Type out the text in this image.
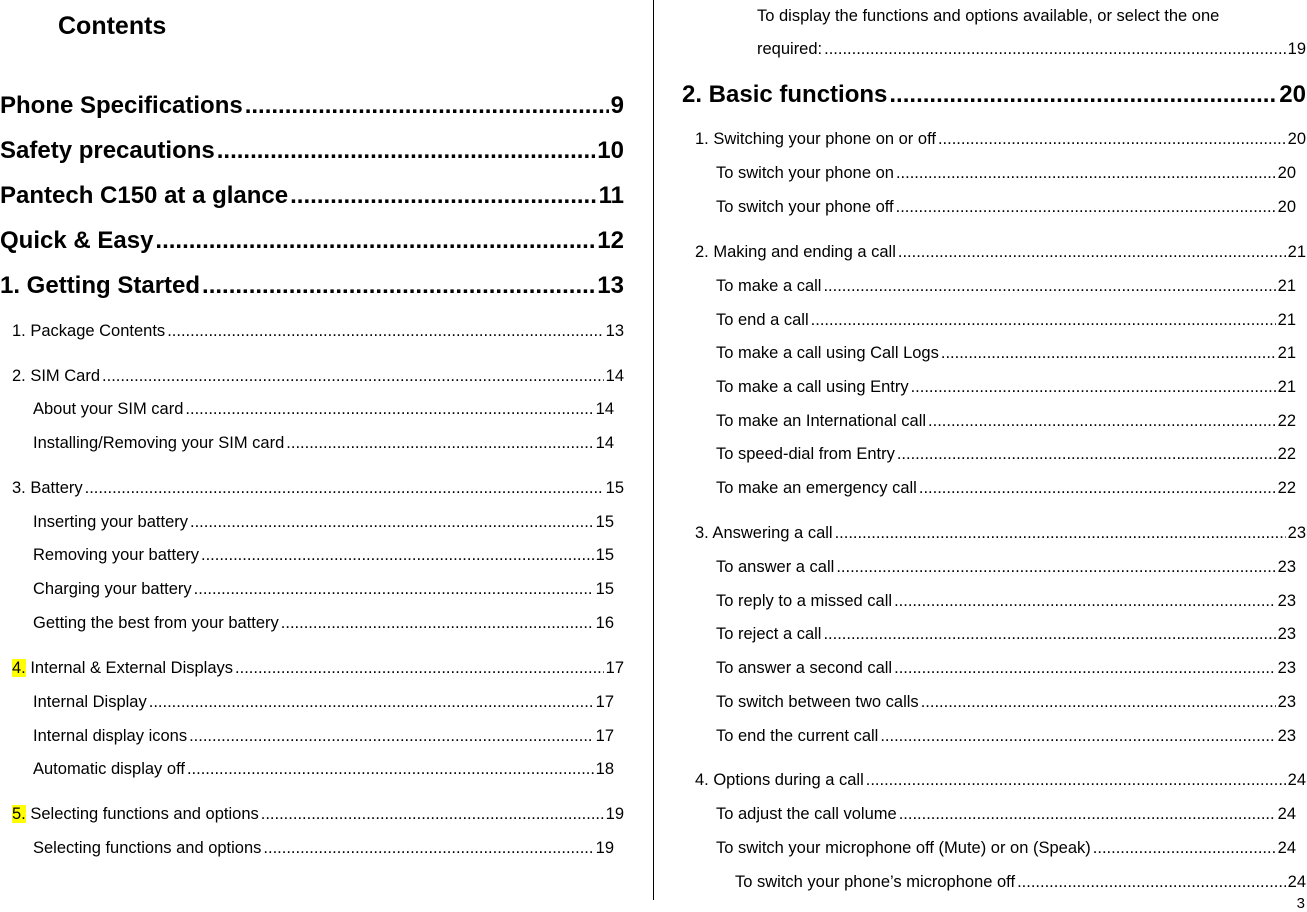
Contents
Phone Specifications .....	9
Safety precautions .....	10
Pantech C150 at a glance .....	11
Quick & Easy .....	12
1. Getting Started .....	13
1. Package Contents .....	13
2. SIM Card .....	14
About your SIM card .....	14
Installing/Removing your SIM card .....	14
3. Battery .....	15
Inserting your battery .....	15
Removing your battery .....	15
Charging your battery .....	15
Getting the best from your battery .....	16
4. Internal & External Displays .....	17
Internal Display .....	17
Internal display icons .....	17
Automatic display off .....	18
5. Selecting functions and options .....	19
Selecting functions and options .....	19
To display the functions and options available, or select the one
required: .....	19
2. Basic functions .....	20
1. Switching your phone on or off .....	20
To switch your phone on .....	20
To switch your phone off .....	20
2. Making and ending a call .....	21
To make a call .....	21
To end a call .....	21
To make a call using Call Logs .....	21
To make a call using Entry .....	21
To make an International call .....	22
To speed-dial from Entry .....	22
To make an emergency call .....	22
3. Answering a call .....	23
To answer a call .....	23
To reply to a missed call .....	23
To reject a call .....	23
To answer a second call .....	23
To switch between two calls .....	23
To end the current call .....	23
4. Options during a call .....	24
To adjust the call volume .....	24
To switch your microphone off (Mute) or on (Speak) .....	24
To switch your phone’s microphone off .....	24
3
